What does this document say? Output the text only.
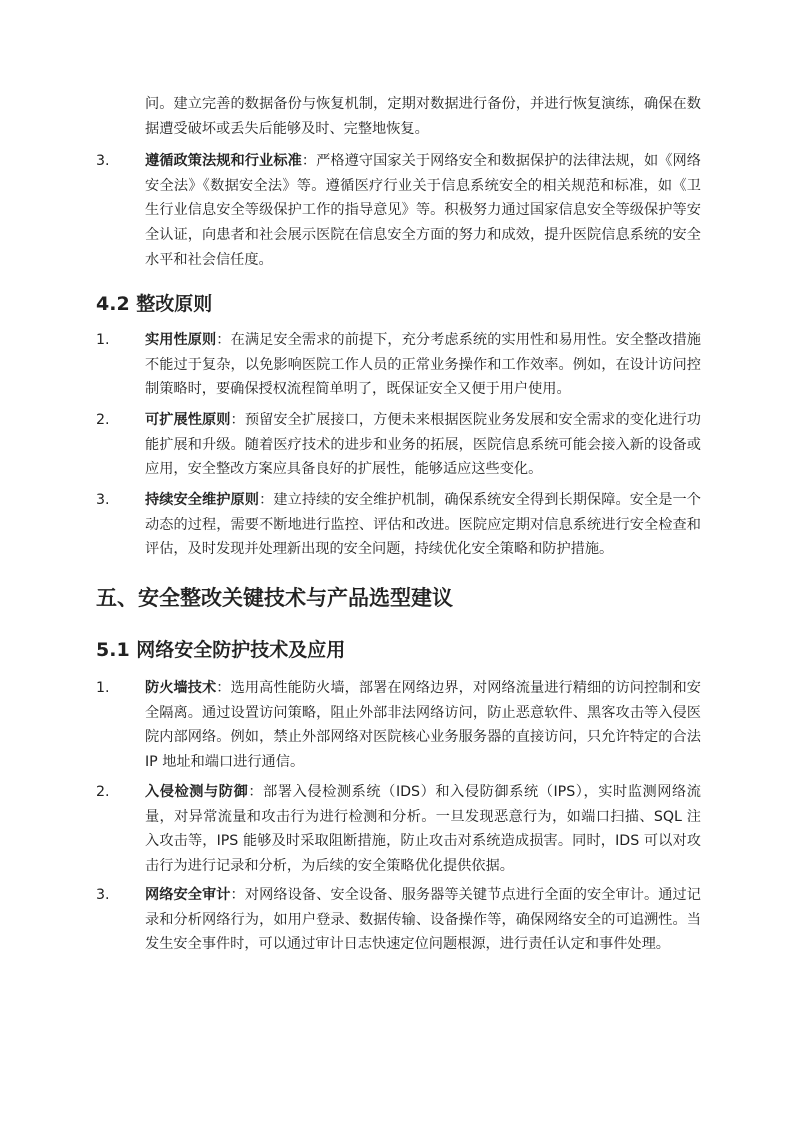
问。建立完善的数据备份与恢复机制，定期对数据进行备份，并进行恢复演练，确保在数据遭受破坏或丢失后能够及时、完整地恢复。
3. 遵循政策法规和行业标准：严格遵守国家关于网络安全和数据保护的法律法规，如《网络安全法》《数据安全法》等。遵循医疗行业关于信息系统安全的相关规范和标准，如《卫生行业信息安全等级保护工作的指导意见》等。积极努力通过国家信息安全等级保护等安全认证，向患者和社会展示医院在信息安全方面的努力和成效，提升医院信息系统的安全水平和社会信任度。
4.2 整改原则
1. 实用性原则：在满足安全需求的前提下，充分考虑系统的实用性和易用性。安全整改措施不能过于复杂，以免影响医院工作人员的正常业务操作和工作效率。例如，在设计访问控制策略时，要确保授权流程简单明了，既保证安全又便于用户使用。
2. 可扩展性原则：预留安全扩展接口，方便未来根据医院业务发展和安全需求的变化进行功能扩展和升级。随着医疗技术的进步和业务的拓展，医院信息系统可能会接入新的设备或应用，安全整改方案应具备良好的扩展性，能够适应这些变化。
3. 持续安全维护原则：建立持续的安全维护机制，确保系统安全得到长期保障。安全是一个动态的过程，需要不断地进行监控、评估和改进。医院应定期对信息系统进行安全检查和评估，及时发现并处理新出现的安全问题，持续优化安全策略和防护措施。
五、安全整改关键技术与产品选型建议
5.1 网络安全防护技术及应用
1. 防火墙技术：选用高性能防火墙，部署在网络边界，对网络流量进行精细的访问控制和安全隔离。通过设置访问策略，阻止外部非法网络访问，防止恶意软件、黑客攻击等入侵医院内部网络。例如，禁止外部网络对医院核心业务服务器的直接访问，只允许特定的合法 IP 地址和端口进行通信。
2. 入侵检测与防御：部署入侵检测系统（IDS）和入侵防御系统（IPS），实时监测网络流量，对异常流量和攻击行为进行检测和分析。一旦发现恶意行为，如端口扫描、SQL 注入攻击等，IPS 能够及时采取阻断措施，防止攻击对系统造成损害。同时，IDS 可以对攻击行为进行记录和分析，为后续的安全策略优化提供依据。
3. 网络安全审计：对网络设备、安全设备、服务器等关键节点进行全面的安全审计。通过记录和分析网络行为，如用户登录、数据传输、设备操作等，确保网络安全的可追溯性。当发生安全事件时，可以通过审计日志快速定位问题根源，进行责任认定和事件处理。
